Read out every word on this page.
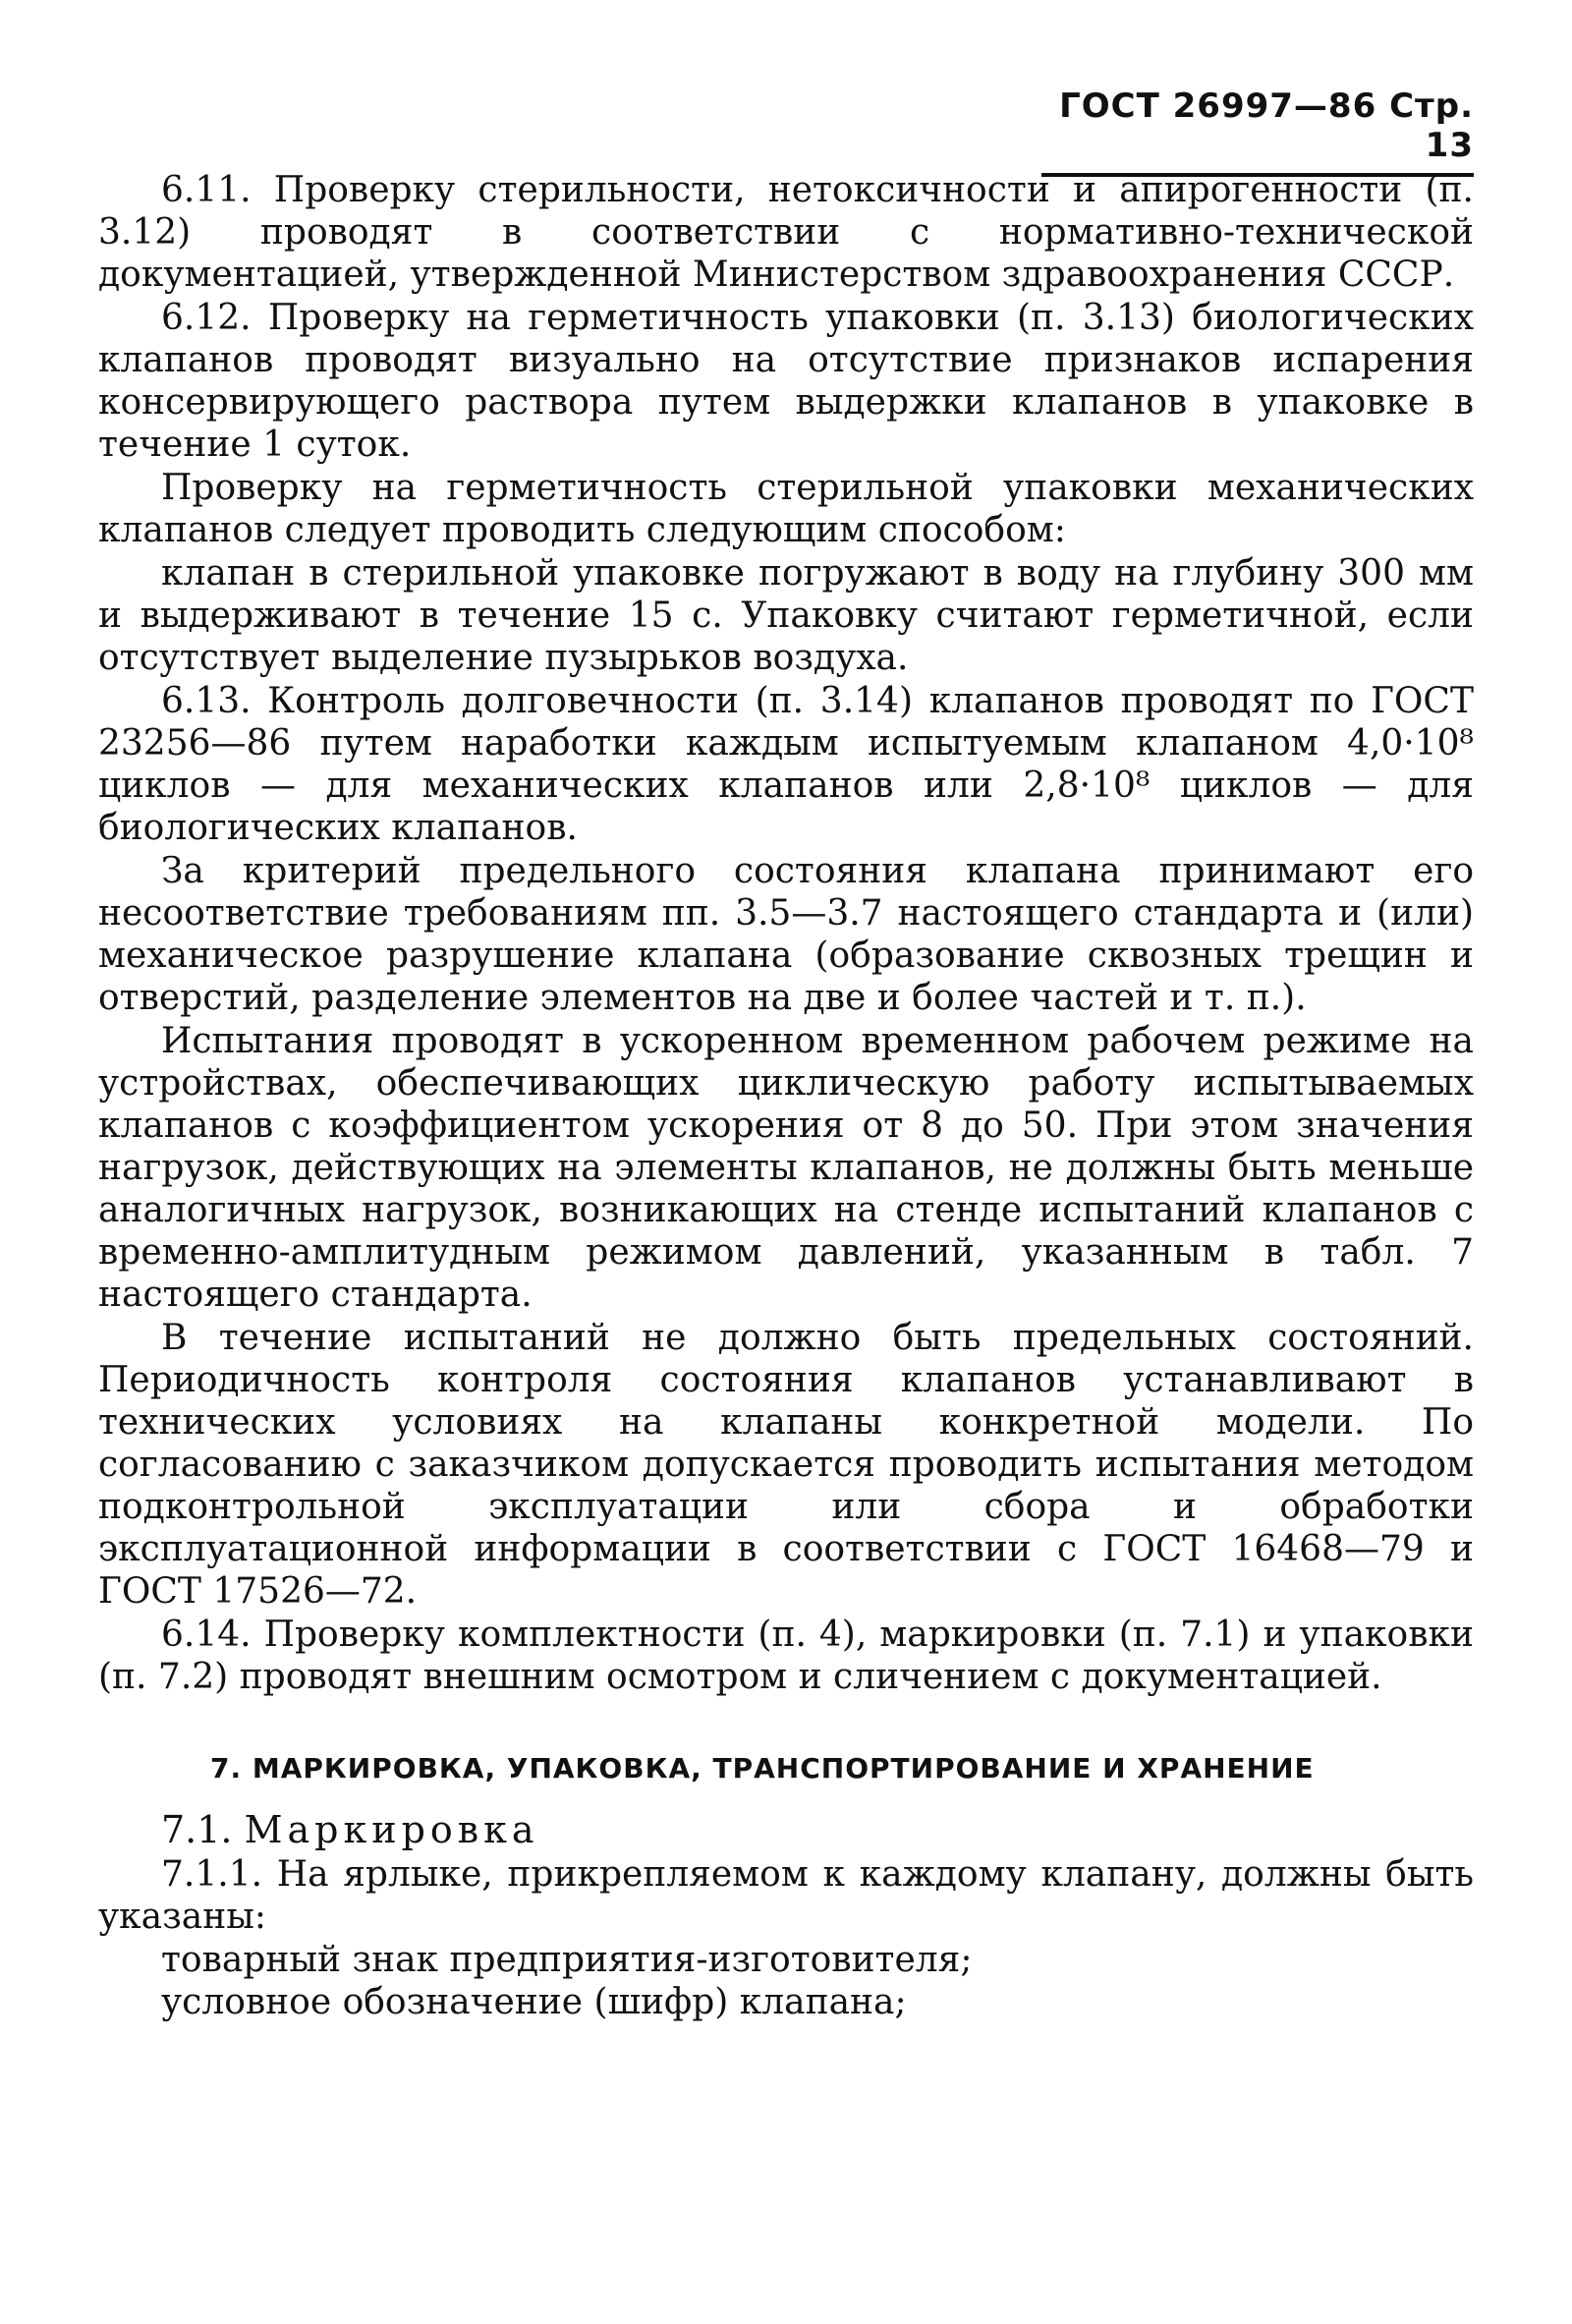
ГОСТ 26997—86 Стр. 13

6.11. Проверку стерильности, нетоксичности и апирогенности (п. 3.12) проводят в соответствии с нормативно-технической документацией, утвержденной Министерством здравоохранения СССР.

6.12. Проверку на герметичность упаковки (п. 3.13) биологических клапанов проводят визуально на отсутствие признаков испарения консервирующего раствора путем выдержки клапанов в упаковке в течение 1 суток.

Проверку на герметичность стерильной упаковки механических клапанов следует проводить следующим способом:

клапан в стерильной упаковке погружают в воду на глубину 300 мм и выдерживают в течение 15 с. Упаковку считают герметичной, если отсутствует выделение пузырьков воздуха.

6.13. Контроль долговечности (п. 3.14) клапанов проводят по ГОСТ 23256—86 путем наработки каждым испытуемым клапаном 4,0·10⁸ циклов — для механических клапанов или 2,8·10⁸ циклов — для биологических клапанов.

За критерий предельного состояния клапана принимают его несоответствие требованиям пп. 3.5—3.7 настоящего стандарта и (или) механическое разрушение клапана (образование сквозных трещин и отверстий, разделение элементов на две и более частей и т. п.).

Испытания проводят в ускоренном временном рабочем режиме на устройствах, обеспечивающих циклическую работу испытываемых клапанов с коэффициентом ускорения от 8 до 50. При этом значения нагрузок, действующих на элементы клапанов, не должны быть меньше аналогичных нагрузок, возникающих на стенде испытаний клапанов с временно-амплитудным режимом давлений, указанным в табл. 7 настоящего стандарта.

В течение испытаний не должно быть предельных состояний. Периодичность контроля состояния клапанов устанавливают в технических условиях на клапаны конкретной модели. По согласованию с заказчиком допускается проводить испытания методом подконтрольной эксплуатации или сбора и обработки эксплуатационной информации в соответствии с ГОСТ 16468—79 и ГОСТ 17526—72.

6.14. Проверку комплектности (п. 4), маркировки (п. 7.1) и упаковки (п. 7.2) проводят внешним осмотром и сличением с документацией.

7. МАРКИРОВКА, УПАКОВКА, ТРАНСПОРТИРОВАНИЕ И ХРАНЕНИЕ

7.1. Маркировка

7.1.1. На ярлыке, прикрепляемом к каждому клапану, должны быть указаны:

товарный знак предприятия-изготовителя;

условное обозначение (шифр) клапана;
